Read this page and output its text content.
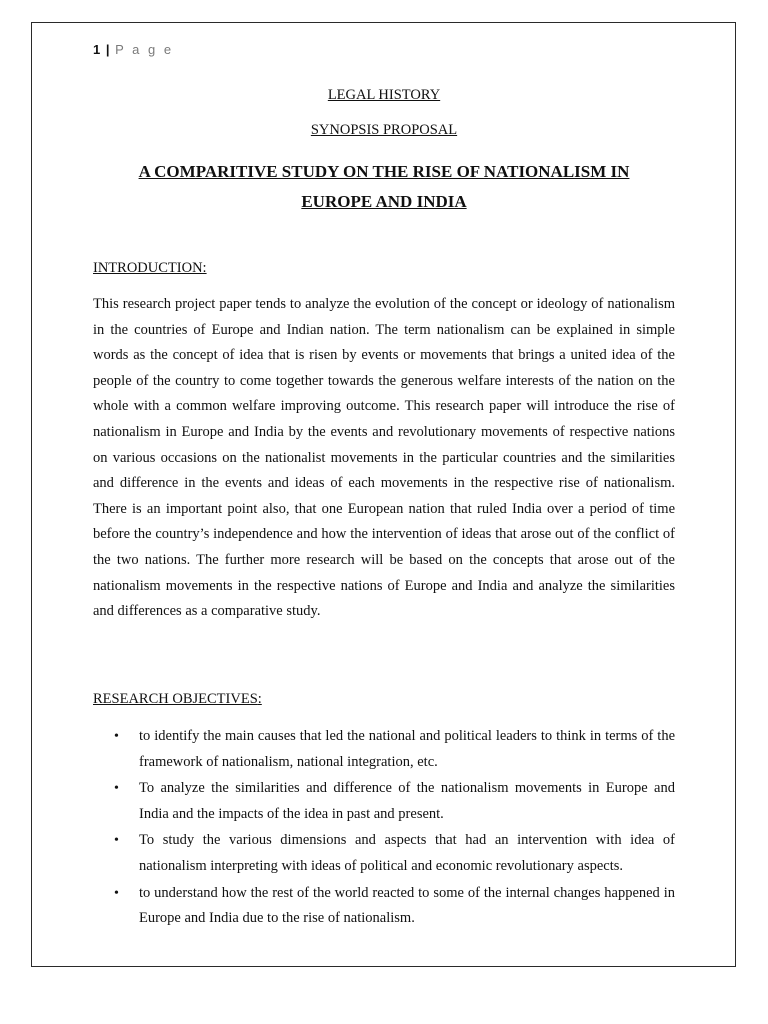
1 | P a g e
LEGAL HISTORY
SYNOPSIS PROPOSAL
A COMPARITIVE STUDY ON THE RISE OF NATIONALISM IN EUROPE AND INDIA
INTRODUCTION:

This research project paper tends to analyze the evolution of the concept or ideology of nationalism in the countries of Europe and Indian nation. The term nationalism can be explained in simple words as the concept of idea that is risen by events or movements that brings a united idea of the people of the country to come together towards the generous welfare interests of the nation on the whole with a common welfare improving outcome. This research paper will introduce the rise of nationalism in Europe and India by the events and revolutionary movements of respective nations on various occasions on the nationalist movements in the particular countries and the similarities and difference in the events and ideas of each movements in the respective rise of nationalism. There is an important point also, that one European nation that ruled India over a period of time before the country’s independence and how the intervention of ideas that arose out of the conflict of the two nations. The further more research will be based on the concepts that arose out of the nationalism movements in the respective nations of Europe and India and analyze the similarities and differences as a comparative study.

RESEARCH OBJECTIVES:
• to identify the main causes that led the national and political leaders to think in terms of the framework of nationalism, national integration, etc.
• To analyze the similarities and difference of the nationalism movements in Europe and India and the impacts of the idea in past and present.
• To study the various dimensions and aspects that had an intervention with idea of nationalism interpreting with ideas of political and economic revolutionary aspects.
• to understand how the rest of the world reacted to some of the internal changes happened in Europe and India due to the rise of nationalism.
